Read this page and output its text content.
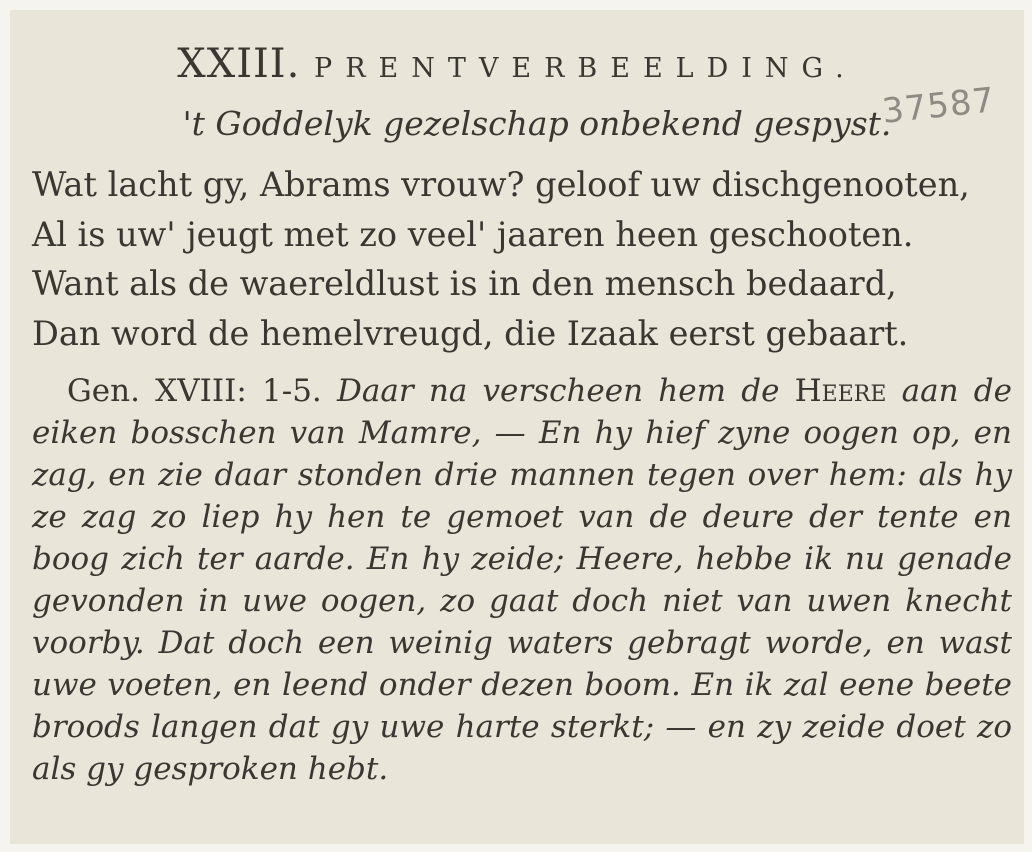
XXIII. PRENTVERBEELDING.
't Goddelyk gezelschap onbekend gespyst.
37587
Wat lacht gy, Abrams vrouw? geloof uw dischgenooten,
Al is uw' jeugt met zo veel' jaaren heen geschooten.
Want als de waereldlust is in den mensch bedaard,
Dan word de hemelvreugd, die Izaak eerst gebaart.
Gen. XVIII: 1-5. Daar na verscheen hem de Heere aan de eiken bosschen van Mamre, — En hy hief zyne oogen op, en zag, en zie daar stonden drie mannen tegen over hem: als hy ze zag zo liep hy hen te gemoet van de deure der tente en boog zich ter aarde. En hy zeide; Heere, hebbe ik nu genade gevonden in uwe oogen, zo gaat doch niet van uwen knecht voorby. Dat doch een weinig waters gebragt worde, en wast uwe voeten, en leend onder dezen boom. En ik zal eene beete broods langen dat gy uwe harte sterkt; — en zy zeide doet zo als gy gesproken hebt.
